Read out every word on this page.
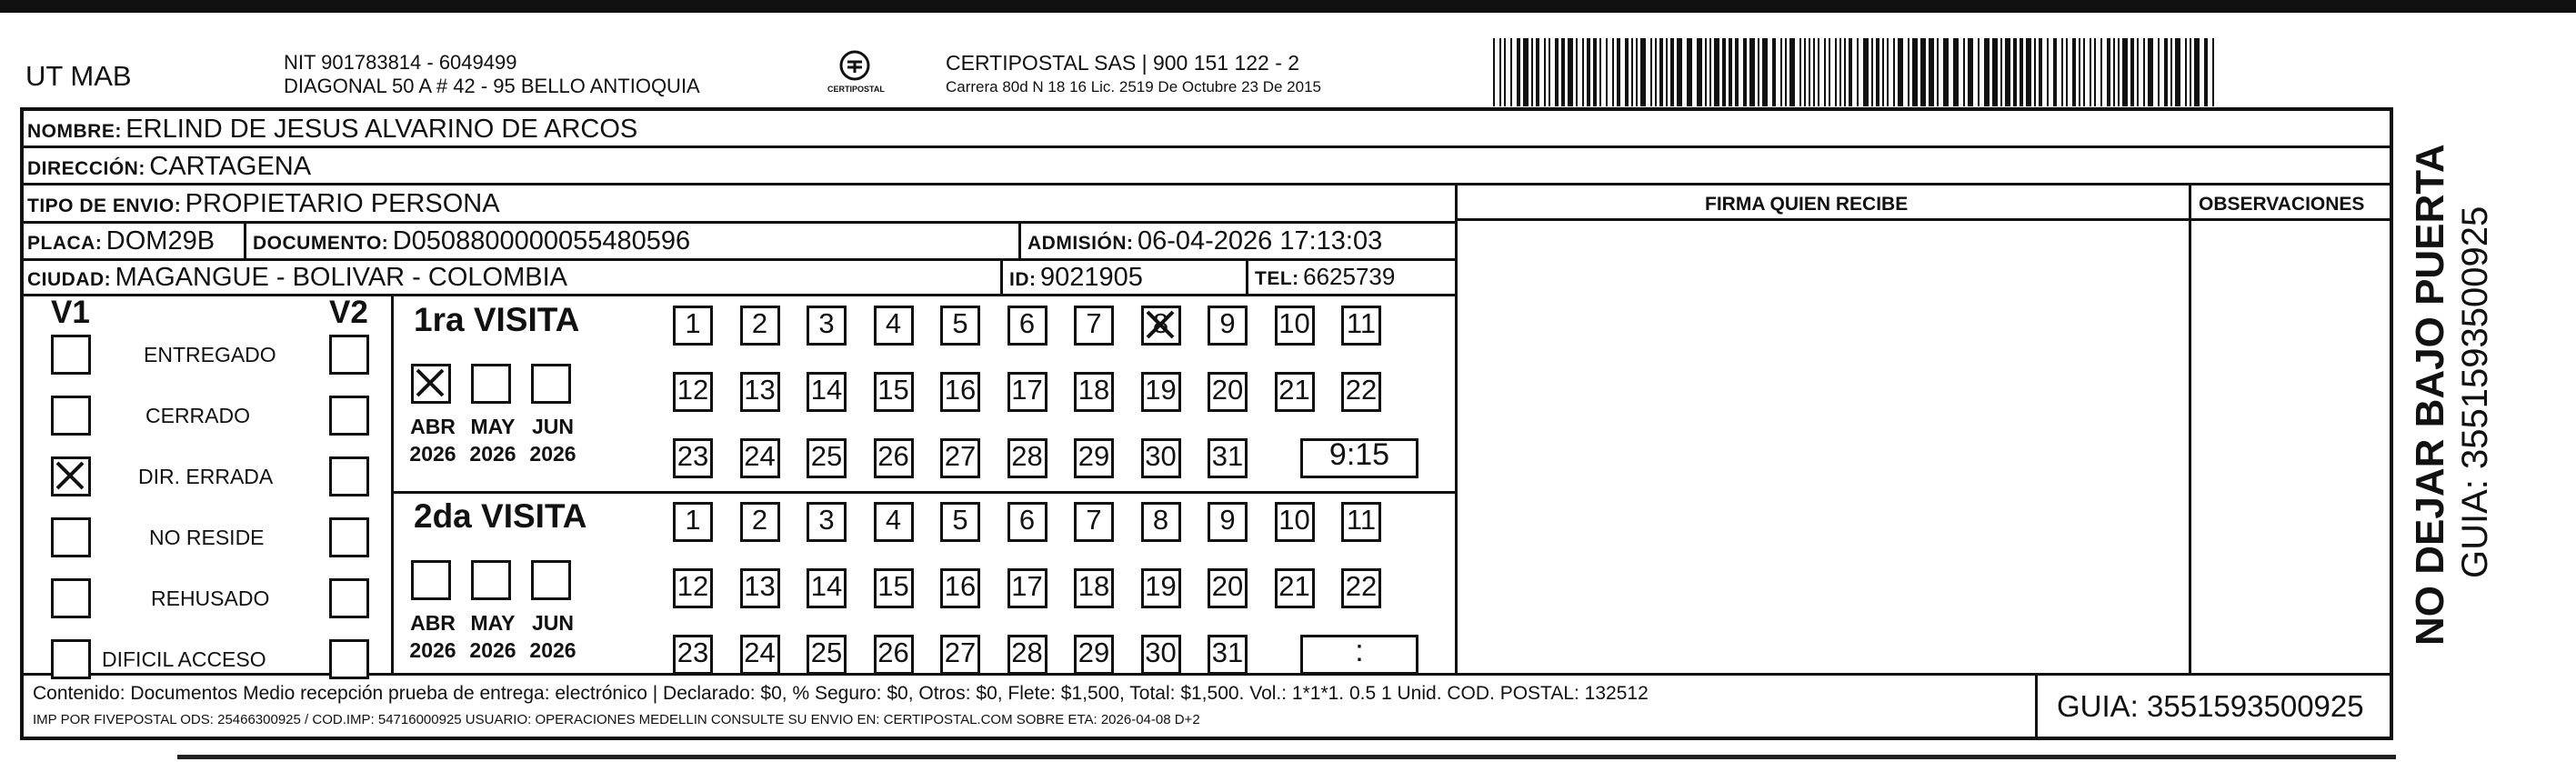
UT MAB	NIT 901783814 - 6049499
DIAGONAL 50 A # 42 - 95 BELLO ANTIOQUIA	CERTIPOSTAL
CERTIPOSTAL SAS | 900 151 122 - 2
Carrera 80d N 18 16 Lic. 2519 De Octubre 23 De 2015
NOMBRE: ERLIND DE JESUS ALVARINO DE ARCOS
DIRECCIÓN: CARTAGENA
TIPO DE ENVIO: PROPIETARIO PERSONA	FIRMA QUIEN RECIBE	OBSERVACIONES
PLACA: DOM29B DOCUMENTO: D0508800000055480596	ADMISIÓN: 06-04-2026 17:13:03
CIUDAD: MAGANGUE - BOLIVAR - COLOMBIA	ID: 9021905	TEL: 6625739
V1	V2
ENTREGADO
CERRADO
DIR. ERRADA
NO RESIDE
REHUSADO
DIFICIL ACCESO
1ra VISITA
ABR
2026
MAY
2026
JUN
2026
1 2 3 4 5 6 7 8 9 10 11
12 13 14 15 16 17 18 19 20 21 22
23 24 25 26 27 28 29 30 31	9:15
2da VISITA
ABR
2026
MAY
2026
JUN
2026
1 2 3 4 5 6 7 8 9 10 11
12 13 14 15 16 17 18 19 20 21 22
23 24 25 26 27 28 29 30 31	:
Contenido: Documentos Medio recepción prueba de entrega: electrónico | Declarado: $0, % Seguro: $0, Otros: $0, Flete: $1,500, Total: $1,500. Vol.: 1*1*1. 0.5 1 Unid. COD. POSTAL: 132512
IMP POR FIVEPOSTAL ODS: 25466300925 / COD.IMP: 54716000925 USUARIO: OPERACIONES MEDELLIN CONSULTE SU ENVIO EN: CERTIPOSTAL.COM SOBRE ETA: 2026-04-08 D+2	GUIA: 3551593500925
NO DEJAR BAJO PUERTA GUIA: 3551593500925
